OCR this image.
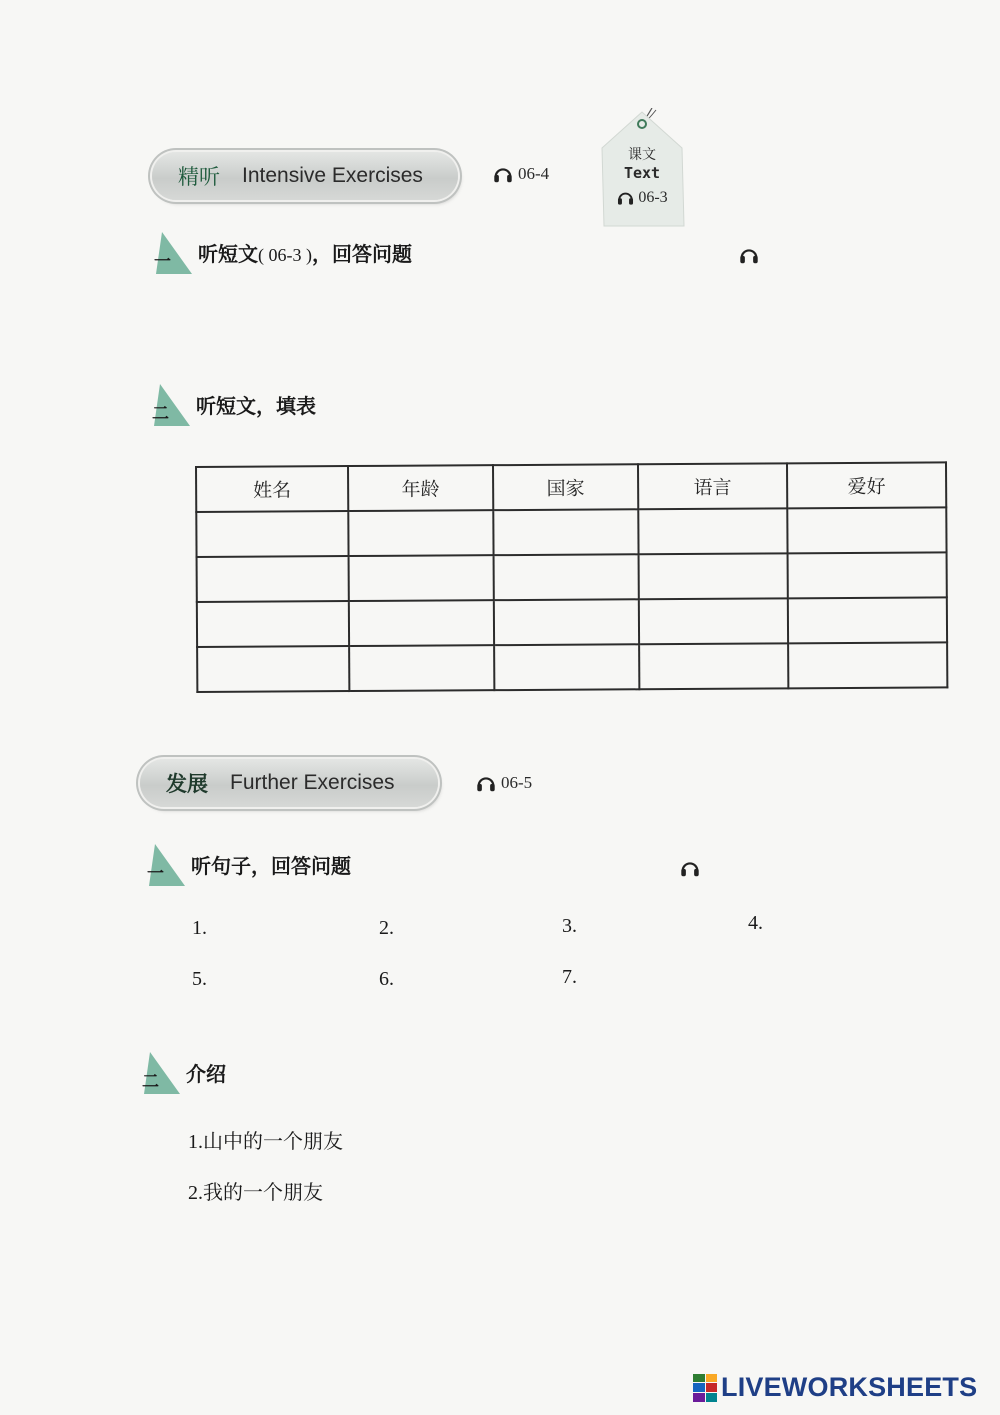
精听 Intensive Exercises	06-4
课文
Text
06-3
一 听短文( 06-3 )，回答问题
二 听短文，填表
姓名	年龄	国家	语言	爱好

发展 Further Exercises	06-5
一 听句子，回答问题
1.	2.	3.	4.
5.	6.	7.
二 介绍
1.山中的一个朋友
2.我的一个朋友
LIVEWORKSHEETS
